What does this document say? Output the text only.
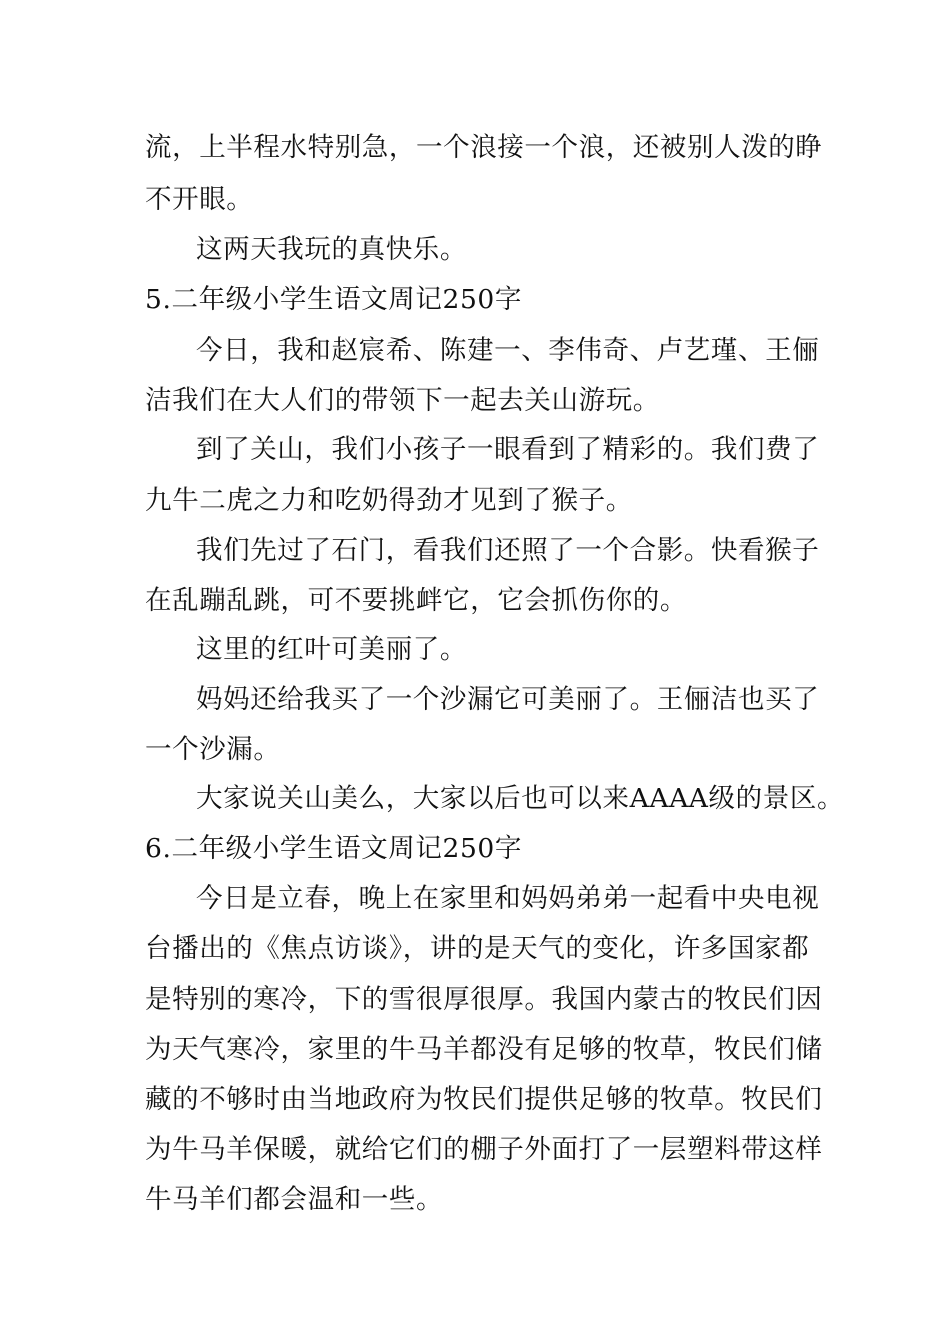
流，上半程水特别急，一个浪接一个浪，还被别人泼的睁
不开眼。
这两天我玩的真快乐。
5.二年级小学生语文周记250字
今日，我和赵宸希、陈建一、李伟奇、卢艺瑾、王俪
洁我们在大人们的带领下一起去关山游玩。
到了关山，我们小孩子一眼看到了精彩的。我们费了
九牛二虎之力和吃奶得劲才见到了猴子。
我们先过了石门，看我们还照了一个合影。快看猴子
在乱蹦乱跳，可不要挑衅它，它会抓伤你的。
这里的红叶可美丽了。
妈妈还给我买了一个沙漏它可美丽了。王俪洁也买了
一个沙漏。
大家说关山美么，大家以后也可以来AAAA级的景区。
6.二年级小学生语文周记250字
今日是立春，晚上在家里和妈妈弟弟一起看中央电视
台播出的《焦点访谈》，讲的是天气的变化，许多国家都
是特别的寒冷，下的雪很厚很厚。我国内蒙古的牧民们因
为天气寒冷，家里的牛马羊都没有足够的牧草，牧民们储
藏的不够时由当地政府为牧民们提供足够的牧草。牧民们
为牛马羊保暖，就给它们的棚子外面打了一层塑料带这样
牛马羊们都会温和一些。
